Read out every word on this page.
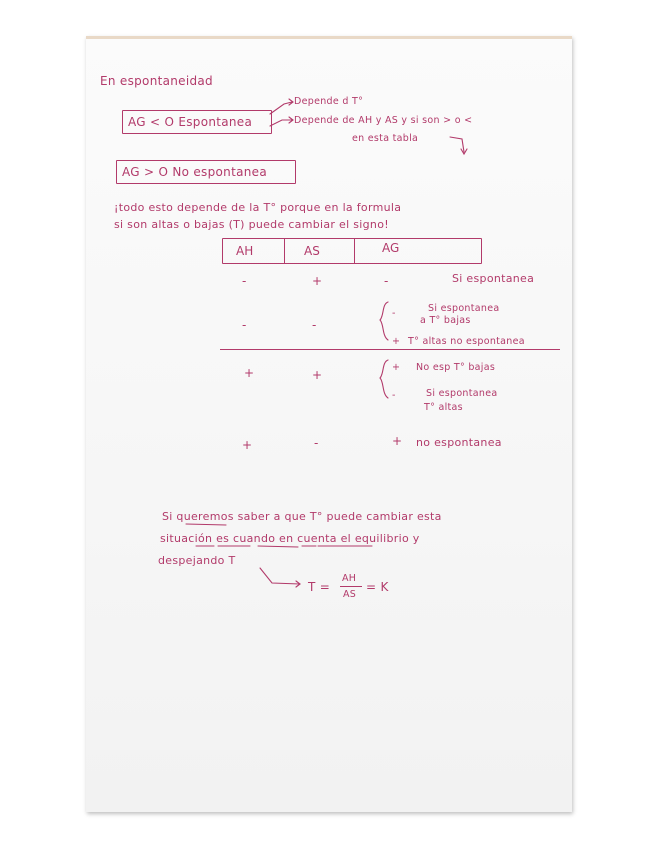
En espontaneidad
AG < O Espontanea
Depende d T°
Depende de AH y AS y si son > o <
en esta tabla
AG > O No espontanea
¡todo esto depende de la T° porque en la formula
si son altas o bajas (T) puede cambiar el signo!
AH	AS	AG
-	+	-	Si espontanea
-	-
-	Si espontanea
a T° bajas
+ T° altas no espontanea
+	+
+ No esp T° bajas
-	Si espontanea
T° altas
+	-	+ no espontanea
Si queremos saber a que T° puede cambiar esta
situación es cuando en cuenta el equilibrio y
despejando T
T =
AH
AS
= K
